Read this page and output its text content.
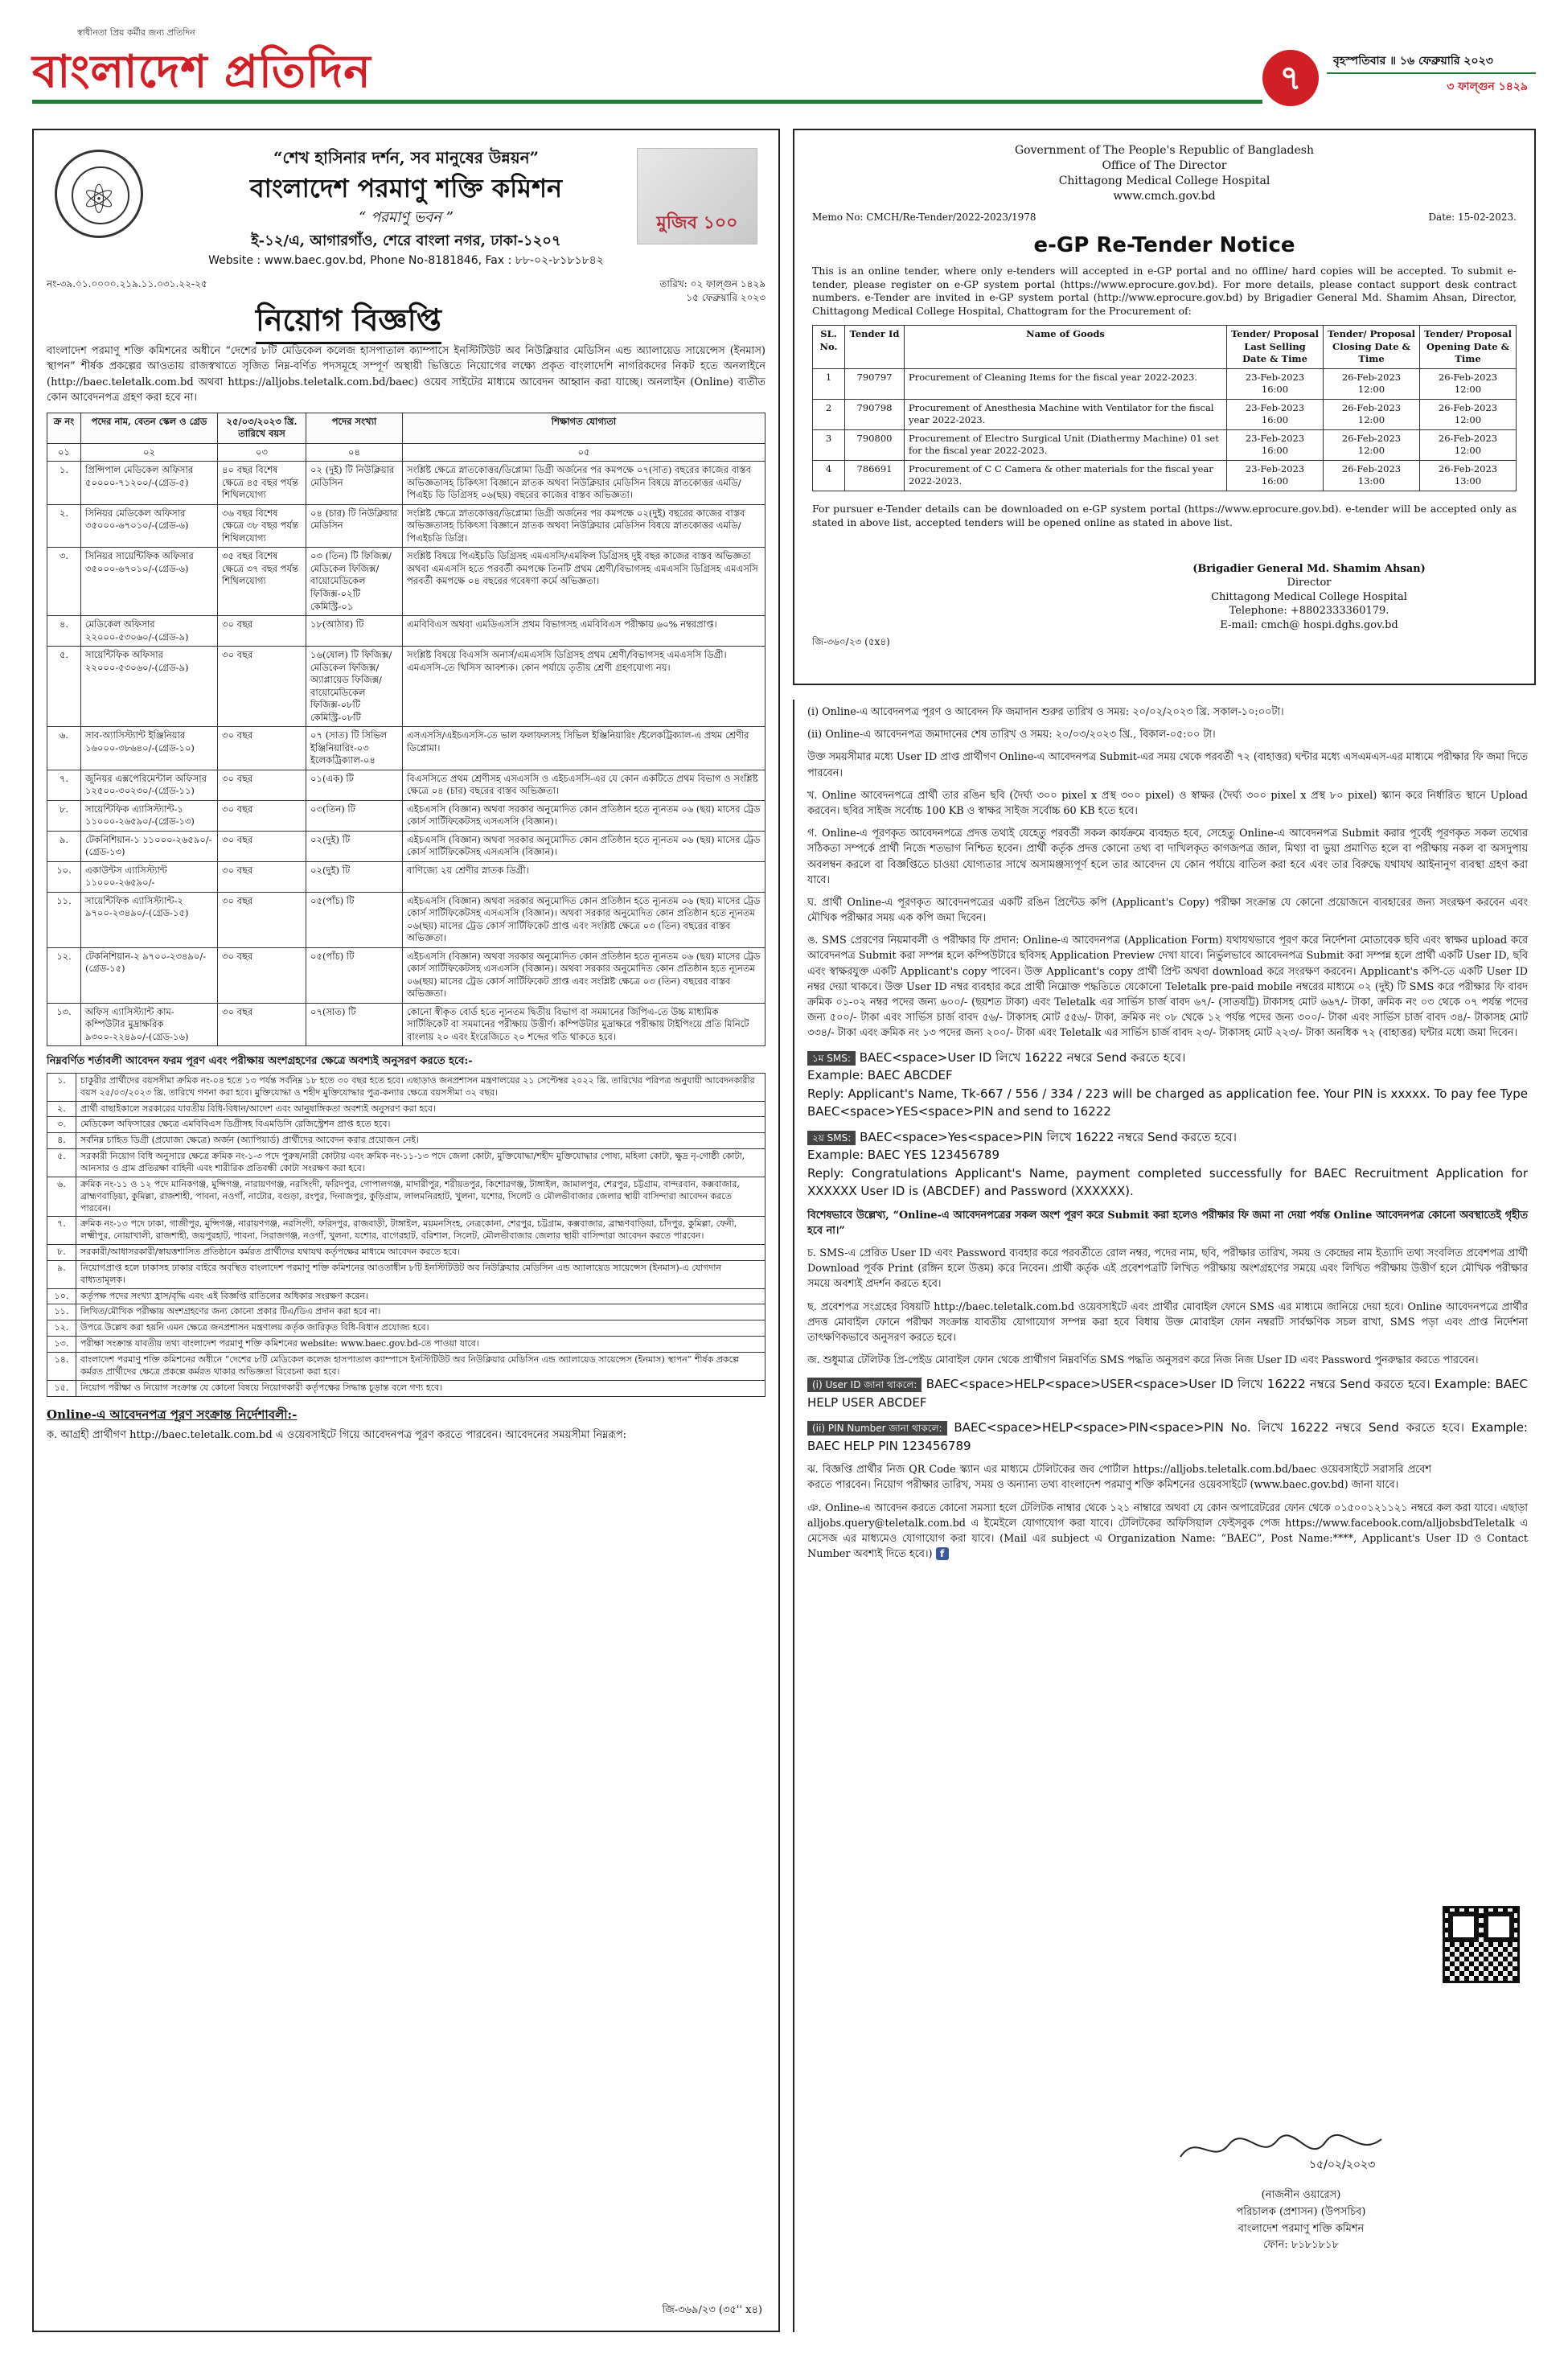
স্বাধীনতা প্রিয় কর্মীর জন্য প্রতিদিন
বাংলাদেশ প্রতিদিন	৭	বৃহস্পতিবার ॥ ১৬ ফেব্রুয়ারি ২০২৩
৩ ফাল্গুন ১৪২৯
⚛
মুজিব ১০০
“শেখ হাসিনার দর্শন, সব মানুষের উন্নয়ন”
বাংলাদেশ পরমাণু শক্তি কমিশন
“ পরমাণু ভবন ”
ই-১২/এ, আগারগাঁও, শেরে বাংলা নগর, ঢাকা-১২০৭
Website : www.baec.gov.bd, Phone No-8181846, Fax : ৮৮-০২-৮১৮১৮৪২
নং-৩৯.০১.০০০০.২১৯.১১.০৩১.২২-২৫	তারিখ: ০২ ফাল্গুন ১৪২৯
১৫ ফেব্রুয়ারি ২০২৩
নিয়োগ বিজ্ঞপ্তি
বাংলাদেশ পরমাণু শক্তি কমিশনের অধীনে “দেশের ৮টি মেডিকেল কলেজ হাসপাতাল ক্যাম্পাসে ইনস্টিটিউট অব নিউক্লিয়ার মেডিসিন এন্ড অ্যালায়েড সায়েন্সেস (ইনমাস) স্থাপন” শীর্ষক প্রকল্পের আওতায় রাজস্বখাতে সৃজিত নিম্ন-বর্ণিত পদসমূহে সম্পূর্ণ অস্থায়ী ভিত্তিতে নিয়োগের লক্ষ্যে প্রকৃত বাংলাদেশি নাগরিকদের নিকট হতে অনলাইনে (http://baec.teletalk.com.bd অথবা https://alljobs.teletalk.com.bd/baec) ওয়েব সাইটের মাধ্যমে আবেদন আহ্বান করা যাচ্ছে। অনলাইন (Online) ব্যতীত কোন আবেদনপত্র গ্রহণ করা হবে না।
ক্র নং	পদের নাম, বেতন স্কেল ও গ্রেড	২৫/০৩/২০২৩ খ্রি. তারিখে বয়স	পদের সংখ্যা	শিক্ষাগত যোগ্যতা
০১	০২	০৩	০৪	০৫
১.	প্রিন্সিপাল মেডিকেল অফিসার ৫০০০০-৭১২০০/-(গ্রেড-৫)	৪০ বছর বিশেষ ক্ষেত্রে ৪৫ বছর পর্যন্ত শিথিলযোগ্য	০২ (দুই) টি নিউক্লিয়ার মেডিসিন	সংশ্লিষ্ট ক্ষেত্রে স্নাতকোত্তর/ডিপ্লোমা ডিগ্রী অর্জনের পর কমপক্ষে ০৭(সাত) বছরের কাজের বাস্তব অভিজ্ঞতাসহ চিকিৎসা বিজ্ঞানে স্নাতক অথবা নিউক্লিয়ার মেডিসিন বিষয়ে স্নাতকোত্তর এমডি/পিএইচ ডি ডিগ্রিসহ ০৬(ছয়) বছরের কাজের বাস্তব অভিজ্ঞতা।
২.	সিনিয়র মেডিকেল অফিসার ৩৫০০০-৬৭০১০/-(গ্রেড-৬)	৩৬ বছর বিশেষ ক্ষেত্রে ৩৮ বছর পর্যন্ত শিথিলযোগ্য	০৪ (চার) টি নিউক্লিয়ার মেডিসিন	সংশ্লিষ্ট ক্ষেত্রে স্নাতকোত্তর/ডিপ্লোমা ডিগ্রী অর্জনের পর কমপক্ষে ০২(দুই) বছরের কাজের বাস্তব অভিজ্ঞতাসহ চিকিৎসা বিজ্ঞানে স্নাতক অথবা নিউক্লিয়ার মেডিসিন বিষয়ে স্নাতকোত্তর এমডি/পিএইচডি ডিগ্রি।
৩.	সিনিয়র সায়েন্টিফিক অফিসার ৩৫০০০-৬৭০১০/-(গ্রেড-৬)	৩৫ বছর বিশেষ ক্ষেত্রে ৩৭ বছর পর্যন্ত শিথিলযোগ্য	০৩ (তিন) টি ফিজিক্স/মেডিকেল ফিজিক্স/বায়োমেডিকেল ফিজিক্স-০২টি কেমিস্ট্রি-০১	সংশ্লিষ্ট বিষয়ে পিএইচডি ডিগ্রিসহ এমএসসি/এমফিল ডিগ্রিসহ দুই বছর কাজের বাস্তব অভিজ্ঞতা অথবা এমএসসি হতে পরবর্তী কমপক্ষে তিনটি প্রথম শ্রেণী/বিভাগসহ এমএসসি ডিগ্রিসহ এমএসসি পরবর্তী কমপক্ষে ০৪ বছরের গবেষণা কর্মে অভিজ্ঞতা।
৪.	মেডিকেল অফিসার ২২০০০-৫৩০৬০/-(গ্রেড-৯)	৩০ বছর	১৮(আঠার) টি	এমবিবিএস অথবা এমডিএসসি প্রথম বিভাগসহ এমবিবিএস পরীক্ষায় ৬০% নম্বরপ্রাপ্ত।
৫.	সায়েন্টিফিক অফিসার ২২০০০-৫৩০৬০/-(গ্রেড-৯)	৩০ বছর	১৬(ষোল) টি ফিজিক্স/মেডিকেল ফিজিক্স/অ্যাপ্লায়েড ফিজিক্স/বায়োমেডিকেল ফিজিক্স-০৮টি কেমিস্ট্রি-০৮টি	সংশ্লিষ্ট বিষয়ে বিএসসি অনার্স/এমএসসি ডিগ্রিসহ প্রথম শ্রেণী/বিভাগসহ এমএসসি ডিগ্রী। এমএসসি-তে থিসিস আবশ্যক। কোন পর্যায়ে তৃতীয় শ্রেণী গ্রহণযোগ্য নয়।
৬.	সাব-অ্যাসিস্ট্যান্ট ইঞ্জিনিয়ার ১৬০০০-৩৮৬৪০/-(গ্রেড-১০)	৩০ বছর	০৭ (সাত) টি সিভিল ইঞ্জিনিয়ারিং-০৩ ইলেকট্রিক্যাল-০৪	এসএসসি/এইচএসসি-তে ভাল ফলাফলসহ সিভিল ইঞ্জিনিয়ারিং /ইলেকট্রিক্যাল-এ প্রথম শ্রেণীর ডিপ্লোমা।
৭.	জুনিয়র এক্সপেরিমেন্টাল অফিসার ১২৫০০-৩০২৩০/-(গ্রেড-১১)	৩০ বছর	০১(এক) টি	বিএসসিতে প্রথম শ্রেণীসহ এসএসসি ও এইচএসসি-এর যে কোন একটিতে প্রথম বিভাগ ও সংশ্লিষ্ট ক্ষেত্রে ০৪ (চার) বছরের বাস্তব অভিজ্ঞতা।
৮.	সায়েন্টিফিক এ্যাসিস্ট্যান্ট-১ ১১০০০-২৬৫৯০/-(গ্রেড-১৩)	৩০ বছর	০৩(তিন) টি	এইচএসসি (বিজ্ঞান) অথবা সরকার অনুমোদিত কোন প্রতিষ্ঠান হতে ন্যূনতম ০৬ (ছয়) মাসের ট্রেড কোর্স সার্টিফিকেটসহ এসএসসি (বিজ্ঞান)।
৯.	টেকনিশিয়ান-১ ১১০০০-২৬৫৯০/-(গ্রেড-১৩)	৩০ বছর	০২(দুই) টি	এইচএসসি (বিজ্ঞান) অথবা সরকার অনুমোদিত কোন প্রতিষ্ঠান হতে ন্যূনতম ০৬ (ছয়) মাসের ট্রেড কোর্স সার্টিফিকেটসহ এসএসসি (বিজ্ঞান)।
১০.	একাউন্টস এ্যাসিস্ট্যান্ট ১১০০০-২৬৫৯০/-	৩০ বছর	০২(দুই) টি	বাণিজ্যে ২য় শ্রেণীর স্নাতক ডিগ্রী।
১১.	সায়েন্টিফিক এ্যাসিস্ট্যান্ট-২ ৯৭০০-২৩৪৯০/-(গ্রেড-১৫)	৩০ বছর	০৫(পাঁচ) টি	এইচএসসি (বিজ্ঞান) অথবা সরকার অনুমোদিত কোন প্রতিষ্ঠান হতে ন্যূনতম ০৬ (ছয়) মাসের ট্রেড কোর্স সার্টিফিকেটসহ এসএসসি (বিজ্ঞান)। অথবা সরকার অনুমোদিত কোন প্রতিষ্ঠান হতে ন্যূনতম ০৬(ছয়) মাসের ট্রেড কোর্স সার্টিফিকেট প্রাপ্ত এবং সংশ্লিষ্ট ক্ষেত্রে ০৩ (তিন) বছরের বাস্তব অভিজ্ঞতা।
১২.	টেকনিশিয়ান-২ ৯৭০০-২৩৪৯০/-(গ্রেড-১৫)	৩০ বছর	০৫(পাঁচ) টি	এইচএসসি (বিজ্ঞান) অথবা সরকার অনুমোদিত কোন প্রতিষ্ঠান হতে ন্যূনতম ০৬ (ছয়) মাসের ট্রেড কোর্স সার্টিফিকেটসহ এসএসসি (বিজ্ঞান)। অথবা সরকার অনুমোদিত কোন প্রতিষ্ঠান হতে ন্যূনতম ০৬(ছয়) মাসের ট্রেড কোর্স সার্টিফিকেট প্রাপ্ত এবং সংশ্লিষ্ট ক্ষেত্রে ০৩ (তিন) বছরের বাস্তব অভিজ্ঞতা।
১৩.	অফিস এ্যাসিস্ট্যান্ট কাম-কম্পিউটার মুদ্রাক্ষরিক ৯৩০০-২২৪৯০/-(গ্রেড-১৬)	৩০ বছর	০৭(সাত) টি	কোনো স্বীকৃত বোর্ড হতে ন্যূনতম দ্বিতীয় বিভাগ বা সমমানের জিপিএ-তে উচ্চ মাধ্যমিক সার্টিফিকেট বা সমমানের পরীক্ষায় উত্তীর্ণ। কম্পিউটার মুদ্রাক্ষরে পরীক্ষায় টাইপিংয়ে প্রতি মিনিটে বাংলায় ২০ এবং ইংরেজিতে ২০ শব্দের গতি থাকতে হবে।
নিম্নবর্ণিত শর্তাবলী আবেদন ফরম পূরণ এবং পরীক্ষায় অংশগ্রহণের ক্ষেত্রে অবশ্যই অনুসরণ করতে হবে:-
১.	চাকুরীর প্রার্থীদের বয়সসীমা ক্রমিক নং-০৪ হতে ১৩ পর্যন্ত সর্বনিম্ন ১৮ হতে ৩০ বছর হতে হবে। এছাড়াও জনপ্রশাসন মন্ত্রণালয়ের ২১ সেপ্টেম্বর ২০২২ খ্রি. তারিখের পরিপত্র অনুযায়ী আবেদনকারীর বয়স ২৫/০৩/২০২৩ খ্রি. তারিখে গণনা করা হবে। মুক্তিযোদ্ধা ও শহীদ মুক্তিযোদ্ধার পুত্র-কন্যার ক্ষেত্রে বয়সসীমা ৩২ বছর।
২.	প্রার্থী বাছাইকালে সরকারের যাবতীয় বিধি-বিধান/আদেশ এবং আনুষাঙ্গিকতা অবশ্যই অনুসরণ করা হবে।
৩.	মেডিকেল অফিসারের ক্ষেত্রে এমবিবিএস ডিগ্রীসহ বিএমডিসি রেজিস্ট্রেশন প্রাপ্ত হতে হবে।
৪.	সর্বনিম্ন চাহিত ডিগ্রী (প্রযোজ্য ক্ষেত্রে) অর্জন (অ্যাপিয়ার্ড) প্রার্থীদের আবেদন করার প্রয়োজন নেই।
৫.	সরকারী নিয়োগ বিধি অনুসারে ক্ষেত্রে ক্রমিক নং-১-৩ পদে পুরুষ/নারী কোটায় এবং ক্রমিক নং-১১-১৩ পদে জেলা কোটা, মুক্তিযোদ্ধা/শহীদ মুক্তিযোদ্ধার পোষ্য, মহিলা কোটা, ক্ষুদ্র নৃ-গোষ্ঠী কোটা, আনসার ও গ্রাম প্রতিরক্ষা বাহিনী এবং শারীরিক প্রতিবন্ধী কোটা সংরক্ষণ করা হবে।
৬.	ক্রমিক নং-১১ ও ১২ পদে মানিকগঞ্জ, মুন্সিগঞ্জ, নারায়ণগঞ্জ, নরসিংদী, ফরিদপুর, গোপালগঞ্জ, মাদারীপুর, শরীয়তপুর, কিশোরগঞ্জ, টাঙ্গাইল, জামালপুর, শেরপুর, চট্টগ্রাম, বান্দরবান, কক্সবাজার, ব্রাহ্মণবাড়িয়া, কুমিল্লা, রাজশাহী, পাবনা, নওগাঁ, নাটোর, বগুড়া, রংপুর, দিনাজপুর, কুড়িগ্রাম, লালমনিরহাট, খুলনা, যশোর, সিলেট ও মৌলভীবাজার জেলার স্থায়ী বাসিন্দারা আবেদন করতে পারবেন।
৭.	ক্রমিক নং-১৩ পদে ঢাকা, গাজীপুর, মুন্সিগঞ্জ, নারায়ণগঞ্জ, নরসিংদী, ফরিদপুর, রাজবাড়ী, টাঙ্গাইল, ময়মনসিংহ, নেত্রকোনা, শেরপুর, চট্টগ্রাম, কক্সবাজার, ব্রাহ্মণবাড়িয়া, চাঁদপুর, কুমিল্লা, ফেনী, লক্ষ্মীপুর, নোয়াখালী, রাজশাহী, জয়পুরহাট, পাবনা, সিরাজগঞ্জ, নওগাঁ, খুলনা, যশোর, বাগেরহাট, বরিশাল, সিলেট, মৌলভীবাজার জেলার স্থায়ী বাসিন্দারা আবেদন করতে পারবেন।
৮.	সরকারী/আধাসরকারী/স্বায়ত্তশাসিত প্রতিষ্ঠানে কর্মরত প্রার্থীদের যথাযথ কর্তৃপক্ষের মাধ্যমে আবেদন করতে হবে।
৯.	নিয়োগপ্রাপ্ত হলে ঢাকাসহ ঢাকার বাইরে অবস্থিত বাংলাদেশ পরমাণু শক্তি কমিশনের আওতাধীন ৮টি ইনস্টিটিউট অব নিউক্লিয়ার মেডিসিন এন্ড অ্যালায়েড সায়েন্সেস (ইনমাস)-এ যোগদান বাধ্যতামূলক।
১০.	কর্তৃপক্ষ পদের সংখ্যা হ্রাস/বৃদ্ধি এবং এই বিজ্ঞপ্তি বাতিলের অধিকার সংরক্ষণ করেন।
১১.	লিখিত/মৌখিক পরীক্ষায় অংশগ্রহণের জন্য কোনো প্রকার টিএ/ডিএ প্রদান করা হবে না।
১২.	উপরে উল্লেখ করা হয়নি এমন ক্ষেত্রে জনপ্রশাসন মন্ত্রণালয় কর্তৃক জারিকৃত বিধি-বিধান প্রযোজ্য হবে।
১৩.	পরীক্ষা সংক্রান্ত যাবতীয় তথ্য বাংলাদেশ পরমাণু শক্তি কমিশনের website: www.baec.gov.bd-তে পাওয়া যাবে।
১৪.	বাংলাদেশ পরমাণু শক্তি কমিশনের অধীনে “দেশের ৮টি মেডিকেল কলেজ হাসপাতাল ক্যাম্পাসে ইনস্টিটিউট অব নিউক্লিয়ার মেডিসিন এন্ড অ্যালায়েড সায়েন্সেস (ইনমাস) স্থাপন” শীর্ষক প্রকল্পে কর্মরত প্রার্থীদের ক্ষেত্রে প্রকল্পে কর্মরত থাকার অভিজ্ঞতা বিবেচনা করা হবে।
১৫.	নিয়োগ পরীক্ষা ও নিয়োগ সংক্রান্ত যে কোনো বিষয়ে নিয়োগকারী কর্তৃপক্ষের সিদ্ধান্ত চূড়ান্ত বলে গণ্য হবে।
Online-এ আবেদনপত্র পূরণ সংক্রান্ত নির্দেশাবলী:-

ক. আগ্রহী প্রার্থীগণ http://baec.teletalk.com.bd এ ওয়েবসাইটে গিয়ে আবেদনপত্র পূরণ করতে পারবেন। আবেদনের সময়সীমা নিম্নরূপ:

জি-৩৬৯/২৩ (৩৫'' x৪)

Government of The People's Republic of Bangladesh
Office of The Director
Chittagong Medical College Hospital
www.cmch.gov.bd
Memo No: CMCH/Re-Tender/2022-2023/1978	Date: 15-02-2023.
e-GP Re-Tender Notice
This is an online tender, where only e-tenders will accepted in e-GP portal and no offline/ hard copies will be accepted. To submit e-tender, please register on e-GP system portal (https://www.eprocure.gov.bd). For more details, please contact support desk contract numbers. e-Tender are invited in e-GP system portal (http://www.eprocure.gov.bd) by Brigadier General Md. Shamim Ahsan, Director, Chittagong Medical College Hospital, Chattogram for the Procurement of:
SL. No.	Tender Id	Name of Goods	Tender/ Proposal Last Selling Date & Time	Tender/ Proposal Closing Date & Time	Tender/ Proposal Opening Date & Time
1	790797	Procurement of Cleaning Items for the fiscal year 2022-2023.	23-Feb-2023 16:00	26-Feb-2023 12:00	26-Feb-2023 12:00
2	790798	Procurement of Anesthesia Machine with Ventilator for the fiscal year 2022-2023.	23-Feb-2023 16:00	26-Feb-2023 12:00	26-Feb-2023 12:00
3	790800	Procurement of Electro Surgical Unit (Diathermy Machine) 01 set for the fiscal year 2022-2023.	23-Feb-2023 16:00	26-Feb-2023 12:00	26-Feb-2023 12:00
4	786691	Procurement of C C Camera & other materials for the fiscal year 2022-2023.	23-Feb-2023 16:00	26-Feb-2023 13:00	26-Feb-2023 13:00
For pursuer e-Tender details can be downloaded on e-GP system portal (https://www.eprocure.gov.bd). e-tender will be accepted only as stated in above list, accepted tenders will be opened online as stated in above list.
(Brigadier General Md. Shamim Ahsan)
Director
Chittagong Medical College Hospital
Telephone: +8802333360179.
E-mail: cmch@ hospi.dghs.gov.bd
জি-৩৬০/২৩ (৫x৪)

(i) Online-এ আবেদনপত্র পূরণ ও আবেদন ফি জমাদান শুরুর তারিখ ও সময়: ২০/০২/২০২৩ খ্রি. সকাল-১০:০০টা।

(ii) Online-এ আবেদনপত্র জমাদানের শেষ তারিখ ও সময়: ২০/০৩/২০২৩ খ্রি., বিকাল-০৫:০০ টা।

উক্ত সময়সীমার মধ্যে User ID প্রাপ্ত প্রার্থীগণ Online-এ আবেদনপত্র Submit-এর সময় থেকে পরবর্তী ৭২ (বাহাত্তর) ঘন্টার মধ্যে এসএমএস-এর মাধ্যমে পরীক্ষার ফি জমা দিতে পারবেন।

খ. Online আবেদনপত্রে প্রার্থী তার রঙিন ছবি (দৈর্ঘ্য ৩০০ pixel x প্রস্থ ৩০০ pixel) ও স্বাক্ষর (দৈর্ঘ্য ৩০০ pixel x প্রস্থ ৮০ pixel) স্ক্যান করে নির্ধারিত স্থানে Upload করবেন। ছবির সাইজ সর্বোচ্চ 100 KB ও স্বাক্ষর সাইজ সর্বোচ্চ 60 KB হতে হবে।

গ. Online-এ পূরণকৃত আবেদনপত্রে প্রদত্ত তথ্যই যেহেতু পরবর্তী সকল কার্যক্রমে ব্যবহৃত হবে, সেহেতু Online-এ আবেদনপত্র Submit করার পূর্বেই পূরণকৃত সকল তথ্যের সঠিকতা সম্পর্কে প্রার্থী নিজে শতভাগ নিশ্চিত হবেন। প্রার্থী কর্তৃক প্রদত্ত কোনো তথ্য বা দাখিলকৃত কাগজপত্র জাল, মিথ্যা বা ভুয়া প্রমাণিত হলে বা পরীক্ষায় নকল বা অসদুপায় অবলম্বন করলে বা বিজ্ঞপ্তিতে চাওয়া যোগ্যতার সাথে অসামঞ্জস্যপূর্ণ হলে তার আবেদন যে কোন পর্যায়ে বাতিল করা হবে এবং তার বিরুদ্ধে যথাযথ আইনানুগ ব্যবস্থা গ্রহণ করা যাবে।

ঘ. প্রার্থী Online-এ পূরণকৃত আবেদনপত্রের একটি রঙিন প্রিন্টেড কপি (Applicant's Copy) পরীক্ষা সংক্রান্ত যে কোনো প্রয়োজনে ব্যবহারের জন্য সংরক্ষণ করবেন এবং মৌখিক পরীক্ষার সময় এক কপি জমা দিবেন।

ঙ. SMS প্রেরণের নিয়মাবলী ও পরীক্ষার ফি প্রদান: Online-এ আবেদনপত্র (Application Form) যথাযথভাবে পূরণ করে নির্দেশনা মোতাবেক ছবি এবং স্বাক্ষর upload করে আবেদনপত্র Submit করা সম্পন্ন হলে কম্পিউটারে ছবিসহ Application Preview দেখা যাবে। নির্ভুলভাবে আবেদনপত্র Submit করা সম্পন্ন হলে প্রার্থী একটি User ID, ছবি এবং স্বাক্ষরযুক্ত একটি Applicant's copy পাবেন। উক্ত Applicant's copy প্রার্থী প্রিন্ট অথবা download করে সংরক্ষণ করবেন। Applicant's কপি-তে একটি User ID নম্বর দেয়া থাকবে। উক্ত User ID নম্বর ব্যবহার করে প্রার্থী নিম্নোক্ত পদ্ধতিতে যেকোনো Teletalk pre-paid mobile নম্বরের মাধ্যমে ০২ (দুই) টি SMS করে পরীক্ষার ফি বাবদ ক্রমিক ০১-০২ নম্বর পদের জন্য ৬০০/- (ছয়শত টাকা) এবং Teletalk এর সার্ভিস চার্জ বাবদ ৬৭/- (সাতষট্টি) টাকাসহ মোট ৬৬৭/- টাকা, ক্রমিক নং ০৩ থেকে ০৭ পর্যন্ত পদের জন্য ৫০০/- টাকা এবং সার্ভিস চার্জ বাবদ ৫৬/- টাকাসহ মোট ৫৫৬/- টাকা, ক্রমিক নং ০৮ থেকে ১২ পর্যন্ত পদের জন্য ৩০০/- টাকা এবং সার্ভিস চার্জ বাবদ ৩৪/- টাকাসহ মোট ৩৩৪/- টাকা এবং ক্রমিক নং ১৩ পদের জন্য ২০০/- টাকা এবং Teletalk এর সার্ভিস চার্জ বাবদ ২৩/- টাকাসহ মোট ২২৩/- টাকা অনধিক ৭২ (বাহাত্তর) ঘন্টার মধ্যে জমা দিবেন।

১ম SMS: BAEC<space>User ID লিখে 16222 নম্বরে Send করতে হবে।
Example: BAEC ABCDEF
Reply: Applicant's Name, Tk-667 / 556 / 334 / 223 will be charged as application fee. Your PIN is xxxxx. To pay fee Type BAEC<space>YES<space>PIN and send to 16222

২য় SMS: BAEC<space>Yes<space>PIN লিখে 16222 নম্বরে Send করতে হবে।
Example: BAEC YES 123456789
Reply: Congratulations Applicant's Name, payment completed successfully for BAEC Recruitment Application for XXXXXX User ID is (ABCDEF) and Password (XXXXXX).

বিশেষভাবে উল্লেখ্য, “Online-এ আবেদনপত্রের সকল অংশ পূরণ করে Submit করা হলেও পরীক্ষার ফি জমা না দেয়া পর্যন্ত Online আবেদনপত্র কোনো অবস্থাতেই গৃহীত হবে না।”

চ. SMS-এ প্রেরিত User ID এবং Password ব্যবহার করে পরবর্তীতে রোল নম্বর, পদের নাম, ছবি, পরীক্ষার তারিখ, সময় ও কেন্দ্রের নাম ইত্যাদি তথ্য সংবলিত প্রবেশপত্র প্রার্থী Download পূর্বক Print (রঙ্গিন হলে উত্তম) করে নিবেন। প্রার্থী কর্তৃক এই প্রবেশপত্রটি লিখিত পরীক্ষায় অংশগ্রহণের সময়ে এবং লিখিত পরীক্ষায় উত্তীর্ণ হলে মৌখিক পরীক্ষার সময়ে অবশ্যই প্রদর্শন করতে হবে।

ছ. প্রবেশপত্র সংগ্রহের বিষয়টি http://baec.teletalk.com.bd ওয়েবসাইটে এবং প্রার্থীর মোবাইল ফোনে SMS এর মাধ্যমে জানিয়ে দেয়া হবে। Online আবেদনপত্রে প্রার্থীর প্রদত্ত মোবাইল ফোনে পরীক্ষা সংক্রান্ত যাবতীয় যোগাযোগ সম্পন্ন করা হবে বিধায় উক্ত মোবাইল ফোন নম্বরটি সার্বক্ষণিক সচল রাখা, SMS পড়া এবং প্রাপ্ত নির্দেশনা তাৎক্ষণিকভাবে অনুসরণ করতে হবে।

জ. শুধুমাত্র টেলিটক প্রি-পেইড মোবাইল ফোন থেকে প্রার্থীগণ নিম্নবর্ণিত SMS পদ্ধতি অনুসরণ করে নিজ নিজ User ID এবং Password পুনরুদ্ধার করতে পারবেন।

(i) User ID জানা থাকলে: BAEC<space>HELP<space>USER<space>User ID লিখে 16222 নম্বরে Send করতে হবে। Example: BAEC HELP USER ABCDEF

(ii) PIN Number জানা থাকলে: BAEC<space>HELP<space>PIN<space>PIN No. লিখে 16222 নম্বরে Send করতে হবে। Example: BAEC HELP PIN 123456789

ঝ. বিজ্ঞপ্তি প্রার্থীর নিজ QR Code স্ক্যান এর মাধ্যমে টেলিটকের জব পোর্টাল https://alljobs.teletalk.com.bd/baec ওয়েবসাইটে সরাসরি প্রবেশ করতে পারবেন। নিয়োগ পরীক্ষার তারিখ, সময় ও অন্যান্য তথ্য বাংলাদেশ পরমাণু শক্তি কমিশনের ওয়েবসাইটে (www.baec.gov.bd) জানা যাবে।

ঞ. Online-এ আবেদন করতে কোনো সমস্যা হলে টেলিটক নাম্বার থেকে ১২১ নাম্বারে অথবা যে কোন অপারেটরের ফোন থেকে ০১৫০০১২১১২১ নম্বরে কল করা যাবে। এছাড়া alljobs.query@teletalk.com.bd এ ইমেইলে যোগাযোগ করা যাবে। টেলিটকের অফিসিয়াল ফেইসবুক পেজ https://www.facebook.com/alljobsbdTeletalk এ মেসেজ এর মাধ্যমেও যোগাযোগ করা যাবে। (Mail এর subject এ Organization Name: “BAEC”, Post Name:****, Applicant's User ID ও Contact Number অবশ্যই দিতে হবে।) f

১৫/০২/২০২৩
(নাজনীন ওয়ারেস)
পরিচালক (প্রশাসন) (উপসচিব)
বাংলাদেশ পরমাণু শক্তি কমিশন
ফোন: ৮১৮১৮১৮
